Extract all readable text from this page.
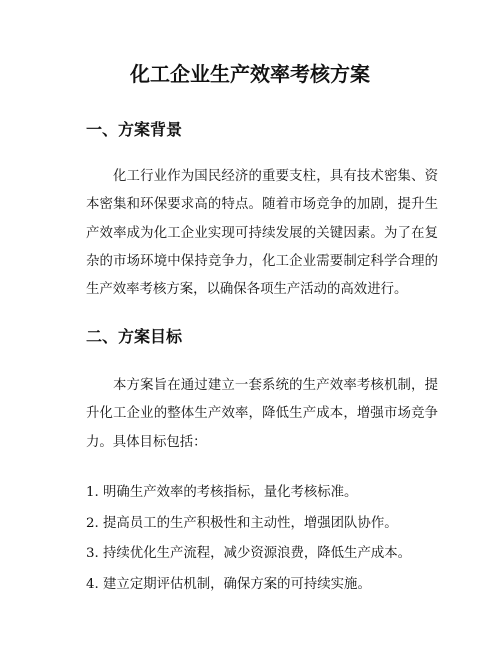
化工企业生产效率考核方案
一、方案背景

化工行业作为国民经济的重要支柱，具有技术密集、资本密集和环保要求高的特点。随着市场竞争的加剧，提升生产效率成为化工企业实现可持续发展的关键因素。为了在复杂的市场环境中保持竞争力，化工企业需要制定科学合理的生产效率考核方案，以确保各项生产活动的高效进行。

二、方案目标

本方案旨在通过建立一套系统的生产效率考核机制，提升化工企业的整体生产效率，降低生产成本，增强市场竞争力。具体目标包括：

1. 明确生产效率的考核指标，量化考核标准。
2. 提高员工的生产积极性和主动性，增强团队协作。
3. 持续优化生产流程，减少资源浪费，降低生产成本。
4. 建立定期评估机制，确保方案的可持续实施。
